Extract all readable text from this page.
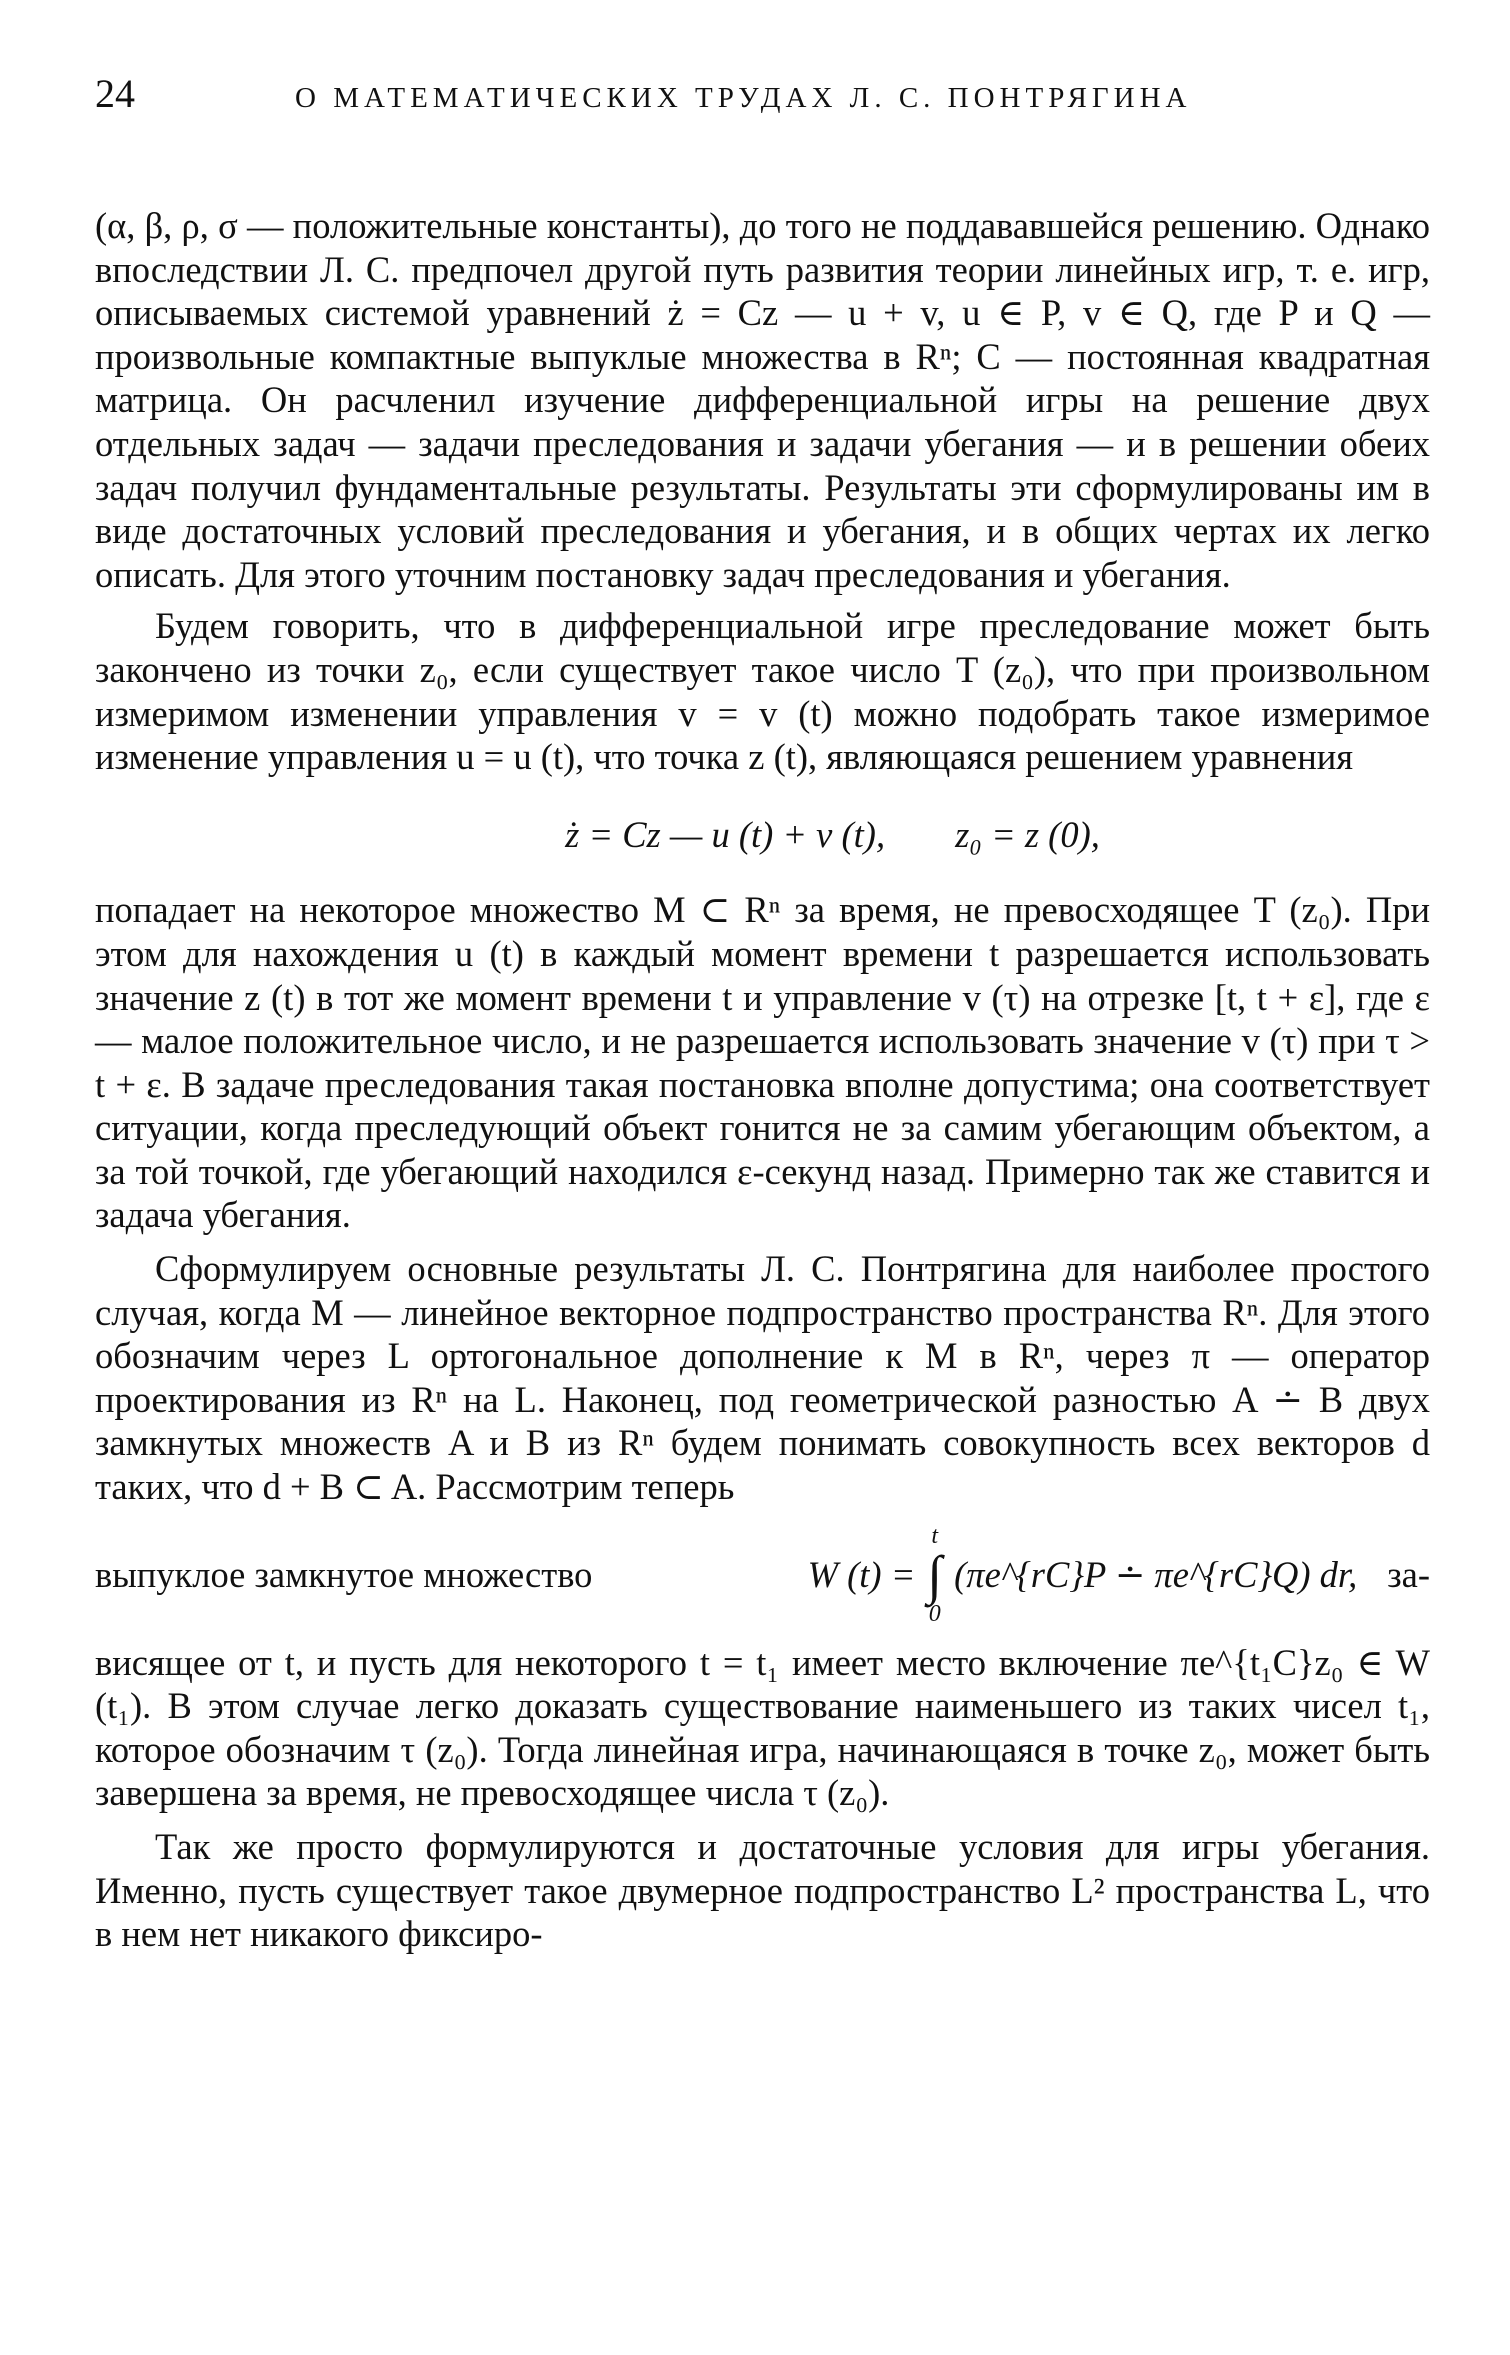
24	О МАТЕМАТИЧЕСКИХ ТРУДАХ Л. С. ПОНТРЯГИНА

(α, β, ρ, σ — положительные константы), до того не поддававшейся решению. Однако впоследствии Л. С. предпочел другой путь развития теории линейных игр, т. е. игр, описываемых системой уравнений ż = Cz — u + v, u ∈ P, v ∈ Q, где P и Q — произвольные компактные выпуклые множества в Rⁿ; C — постоянная квадратная матрица. Он расчленил изучение дифференциальной игры на решение двух отдельных задач — задачи преследования и задачи убегания — и в решении обеих задач получил фундаментальные результаты. Результаты эти сформулированы им в виде достаточных условий преследования и убегания, и в общих чертах их легко описать. Для этого уточним постановку задач преследования и убегания.

Будем говорить, что в дифференциальной игре преследование может быть закончено из точки z₀, если существует такое число T (z₀), что при произвольном измеримом изменении управления v = v (t) можно подобрать такое измеримое изменение управления u = u (t), что точка z (t), являющаяся решением уравнения

ż = Cz — u (t) + v (t), z₀ = z (0),

попадает на некоторое множество M ⊂ Rⁿ за время, не превосходящее T (z₀). При этом для нахождения u (t) в каждый момент времени t разрешается использовать значение z (t) в тот же момент времени t и управление v (τ) на отрезке [t, t + ε], где ε — малое положительное число, и не разрешается использовать значение v (τ) при τ > t + ε. В задаче преследования такая постановка вполне допустима; она соответствует ситуации, когда преследующий объект гонится не за самим убегающим объектом, а за той точкой, где убегающий находился ε-секунд назад. Примерно так же ставится и задача убегания.

Сформулируем основные результаты Л. С. Понтрягина для наиболее простого случая, когда M — линейное векторное подпространство пространства Rⁿ. Для этого обозначим через L ортогональное дополнение к M в Rⁿ, через π — оператор проектирования из Rⁿ на L. Наконец, под геометрической разностью A ∸ B двух замкнутых множеств A и B из Rⁿ будем понимать совокупность всех векторов d таких, что d + B ⊂ A. Рассмотрим теперь

выпуклое замкнутое множество	W (t) =
t
∫
0
(πe^{rC}P ∸ πe^{rC}Q) dr, за-

висящее от t, и пусть для некоторого t = t₁ имеет место включение πe^{t₁C}z₀ ∈ W (t₁). В этом случае легко доказать существование наименьшего из таких чисел t₁, которое обозначим τ (z₀). Тогда линейная игра, начинающаяся в точке z₀, может быть завершена за время, не превосходящее числа τ (z₀).

Так же просто формулируются и достаточные условия для игры убегания. Именно, пусть существует такое двумерное подпространство L² пространства L, что в нем нет никакого фиксиро-
